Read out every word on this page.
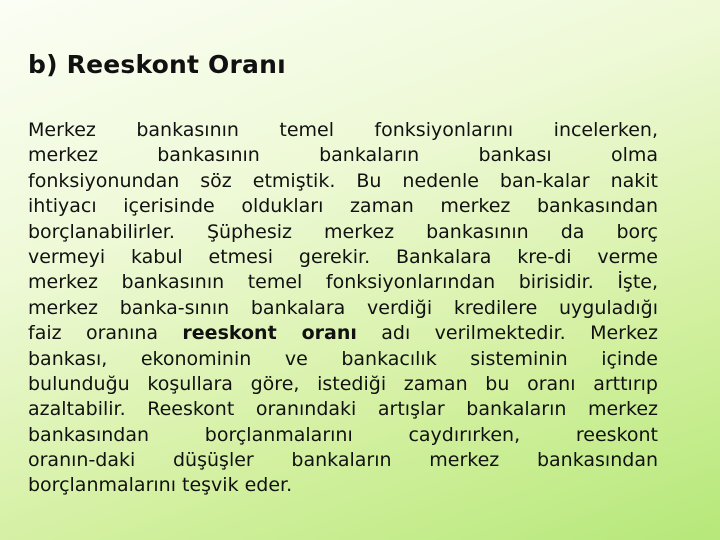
b) Reeskont Oranı
Merkez bankasının temel fonksiyonlarını incelerken,
merkez bankasının bankaların bankası olma
fonksiyonundan söz etmiştik. Bu nedenle ban-kalar nakit
ihtiyacı içerisinde oldukları zaman merkez bankasından
borçlanabilirler. Şüphesiz merkez bankasının da borç
vermeyi kabul etmesi gerekir. Bankalara kre-di verme
merkez bankasının temel fonksiyonlarından birisidir. İşte,
merkez banka-sının bankalara verdiği kredilere uyguladığı
faiz oranına reeskont oranı adı verilmektedir. Merkez
bankası, ekonominin ve bankacılık sisteminin içinde
bulunduğu koşullara göre, istediği zaman bu oranı arttırıp
azaltabilir. Reeskont oranındaki artışlar bankaların merkez
bankasından borçlanmalarını caydırırken, reeskont
oranın-daki düşüşler bankaların merkez bankasından
borçlanmalarını teşvik eder.
